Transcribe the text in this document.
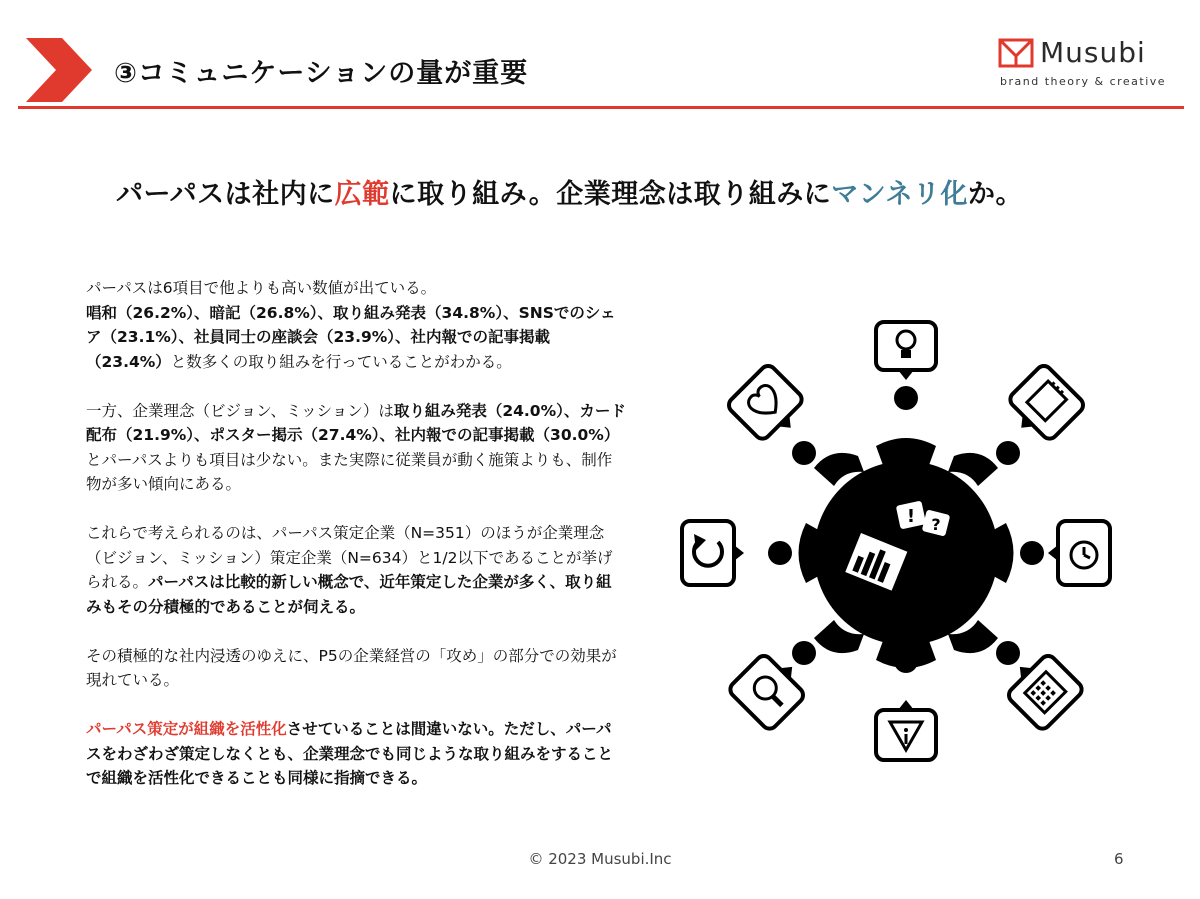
③コミュニケーションの量が重要
Musubi
brand theory & creative
パーパスは社内に広範に取り組み。企業理念は取り組みにマンネリ化か。

パーパスは6項目で他よりも高い数値が出ている。
唱和（26.2%）、暗記（26.8%）、取り組み発表（34.8%）、SNSでのシェア（23.1%）、社員同士の座談会（23.9%）、社内報での記事掲載（23.4%）と数多くの取り組みを行っていることがわかる。

一方、企業理念（ビジョン、ミッション）は取り組み発表（24.0%）、カード配布（21.9%）、ポスター掲示（27.4%）、社内報での記事掲載（30.0%）とパーパスよりも項目は少ない。また実際に従業員が動く施策よりも、制作物が多い傾向にある。

これらで考えられるのは、パーパス策定企業（N=351）のほうが企業理念（ビジョン、ミッション）策定企業（N=634）と1/2以下であることが挙げられる。パーパスは比較的新しい概念で、近年策定した企業が多く、取り組みもその分積極的であることが伺える。

その積極的な社内浸透のゆえに、P5の企業経営の「攻め」の部分での効果が現れている。

パーパス策定が組織を活性化させていることは間違いない。ただし、パーパスをわざわざ策定しなくとも、企業理念でも同じような取り組みをすることで組織を活性化できることも同様に指摘できる。

! ?
© 2023 Musubi.Inc	6
